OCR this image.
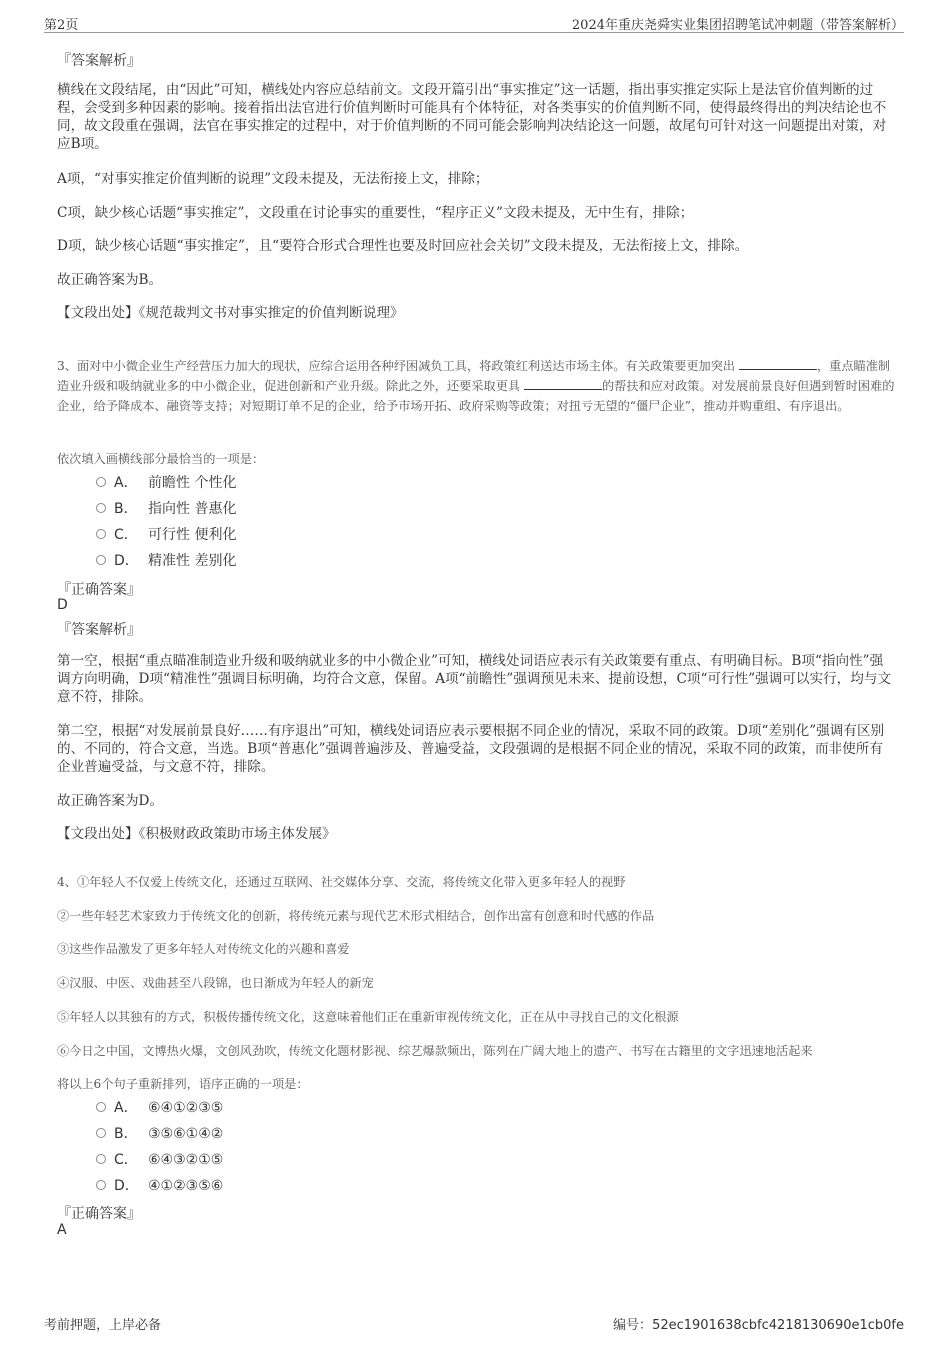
第2页	2024年重庆尧舜实业集团招聘笔试冲刺题（带答案解析）
『答案解析』

横线在文段结尾，由“因此”可知，横线处内容应总结前文。文段开篇引出“事实推定”这一话题，指出事实推定实际上是法官价值判断的过程，会受到多种因素的影响。接着指出法官进行价值判断时可能具有个体特征，对各类事实的价值判断不同，使得最终得出的判决结论也不同，故文段重在强调，法官在事实推定的过程中，对于价值判断的不同可能会影响判决结论这一问题，故尾句可针对这一问题提出对策，对应B项。

A项，“对事实推定价值判断的说理”文段未提及，无法衔接上文，排除；

C项，缺少核心话题“事实推定”，文段重在讨论事实的重要性，“程序正义”文段未提及，无中生有，排除；

D项，缺少核心话题“事实推定”，且“要符合形式合理性也要及时回应社会关切”文段未提及，无法衔接上文，排除。

故正确答案为B。

【文段出处】《规范裁判文书对事实推定的价值判断说理》

3、面对中小微企业生产经营压力加大的现状，应综合运用各种纾困减负工具，将政策红利送达市场主体。有关政策要更加突出	，重点瞄准制造业升级和吸纳就业多的中小微企业，促进创新和产业升级。除此之外，还要采取更具	的帮扶和应对政策。对发展前景良好但遇到暂时困难的企业，给予降成本、融资等支持；对短期订单不足的企业，给予市场开拓、政府采购等政策；对扭亏无望的“僵尸企业”，推动并购重组、有序退出。

依次填入画横线部分最恰当的一项是：

A． 前瞻性 个性化
B． 指向性 普惠化
C． 可行性 便利化
D． 精准性 差别化
『正确答案』
D
『答案解析』

第一空，根据“重点瞄准制造业升级和吸纳就业多的中小微企业”可知，横线处词语应表示有关政策要有重点、有明确目标。B项“指向性”强调方向明确，D项“精准性”强调目标明确，均符合文意，保留。A项“前瞻性”强调预见未来、提前设想，C项“可行性”强调可以实行，均与文意不符，排除。

第二空，根据“对发展前景良好……有序退出”可知，横线处词语应表示要根据不同企业的情况，采取不同的政策。D项“差别化”强调有区别的、不同的，符合文意，当选。B项“普惠化”强调普遍涉及、普遍受益，文段强调的是根据不同企业的情况，采取不同的政策，而非使所有企业普遍受益，与文意不符，排除。

故正确答案为D。

【文段出处】《积极财政政策助市场主体发展》

4、①年轻人不仅爱上传统文化，还通过互联网、社交媒体分享、交流，将传统文化带入更多年轻人的视野

②一些年轻艺术家致力于传统文化的创新，将传统元素与现代艺术形式相结合，创作出富有创意和时代感的作品

③这些作品激发了更多年轻人对传统文化的兴趣和喜爱

④汉服、中医、戏曲甚至八段锦，也日渐成为年轻人的新宠

⑤年轻人以其独有的方式，积极传播传统文化，这意味着他们正在重新审视传统文化，正在从中寻找自己的文化根源

⑥今日之中国，文博热火爆，文创风劲吹，传统文化题材影视、综艺爆款频出，陈列在广阔大地上的遗产、书写在古籍里的文字迅速地活起来

将以上6个句子重新排列，语序正确的一项是：

A． ⑥④①②③⑤
B． ③⑤⑥①④②
C． ⑥④③②①⑤
D． ④①②③⑤⑥
『正确答案』
A
考前押题，上岸必备	编号：52ec1901638cbfc4218130690e1cb0fe
